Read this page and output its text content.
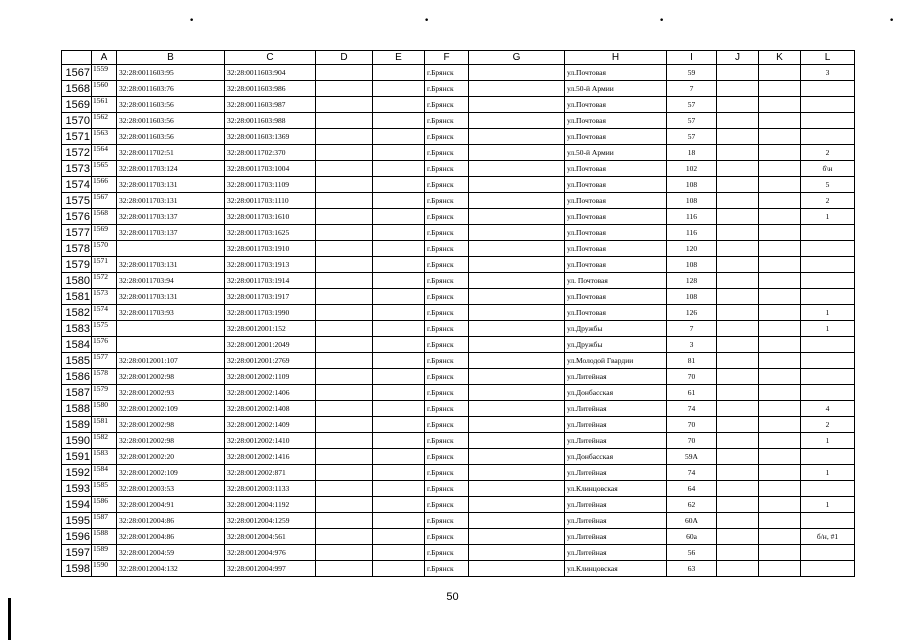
•	•	•	•
	A	B	C	D	E	F	G	H	I	J	K	L
1567	1559	32:28:0011603:95	32:28:0011603:904			г.Брянск		ул.Почтовая	59			3
1568	1560	32:28:0011603:76	32:28:0011603:986			г.Брянск		ул.50-й Армии	7			
1569	1561	32:28:0011603:56	32:28:0011603:987			г.Брянск		ул.Почтовая	57			
1570	1562	32:28:0011603:56	32:28:0011603:988			г.Брянск		ул.Почтовая	57			
1571	1563	32:28:0011603:56	32:28:0011603:1369			г.Брянск		ул.Почтовая	57			
1572	1564	32:28:0011702:51	32:28:0011702:370			г.Брянск		ул.50-й Армии	18			2
1573	1565	32:28:0011703:124	32:28:0011703:1004			г.Брянск		ул.Почтовая	102			б\н
1574	1566	32:28:0011703:131	32:28:0011703:1109			г.Брянск		ул.Почтовая	108			5
1575	1567	32:28:0011703:131	32:28:0011703:1110			г.Брянск		ул.Почтовая	108			2
1576	1568	32:28:0011703:137	32:28:0011703:1610			г.Брянск		ул.Почтовая	116			1
1577	1569	32:28:0011703:137	32:28:0011703:1625			г.Брянск		ул.Почтовая	116			
1578	1570		32:28:0011703:1910			г.Брянск		ул.Почтовая	120			
1579	1571	32:28:0011703:131	32:28:0011703:1913			г.Брянск		ул.Почтовая	108			
1580	1572	32:28:0011703:94	32:28:0011703:1914			г.Брянск		ул. Почтовая	128			
1581	1573	32:28:0011703:131	32:28:0011703:1917			г.Брянск		ул.Почтовая	108			
1582	1574	32:28:0011703:93	32:28:0011703:1990			г.Брянск		ул.Почтовая	126			1
1583	1575		32:28:0012001:152			г.Брянск		ул.Дружбы	7			1
1584	1576		32:28:0012001:2049			г.Брянск		ул.Дружбы	3			
1585	1577	32:28:0012001:107	32:28:0012001:2769			г.Брянск		ул.Молодой Гвардии	81			
1586	1578	32:28:0012002:98	32:28:0012002:1109			г.Брянск		ул.Литейная	70			
1587	1579	32:28:0012002:93	32:28:0012002:1406			г.Брянск		ул.Донбасская	61			
1588	1580	32:28:0012002:109	32:28:0012002:1408			г.Брянск		ул.Литейная	74			4
1589	1581	32:28:0012002:98	32:28:0012002:1409			г.Брянск		ул.Литейная	70			2
1590	1582	32:28:0012002:98	32:28:0012002:1410			г.Брянск		ул.Литейная	70			1
1591	1583	32:28:0012002:20	32:28:0012002:1416			г.Брянск		ул.Донбасская	59А			
1592	1584	32:28:0012002:109	32:28:0012002:871			г.Брянск		ул.Литейная	74			1
1593	1585	32:28:0012003:53	32:28:0012003:1133			г.Брянск		ул.Клинцовская	64			
1594	1586	32:28:0012004:91	32:28:0012004:1192			г.Брянск		ул.Литейная	62			1
1595	1587	32:28:0012004:86	32:28:0012004:1259			г.Брянск		ул.Литейная	60А			
1596	1588	32:28:0012004:86	32:28:0012004:561			г.Брянск		ул.Литейная	60а			б/н, #1
1597	1589	32:28:0012004:59	32:28:0012004:976			г.Брянск		ул.Литейная	56			
1598	1590	32:28:0012004:132	32:28:0012004:997			г.Брянск		ул.Клинцовская	63			
50
